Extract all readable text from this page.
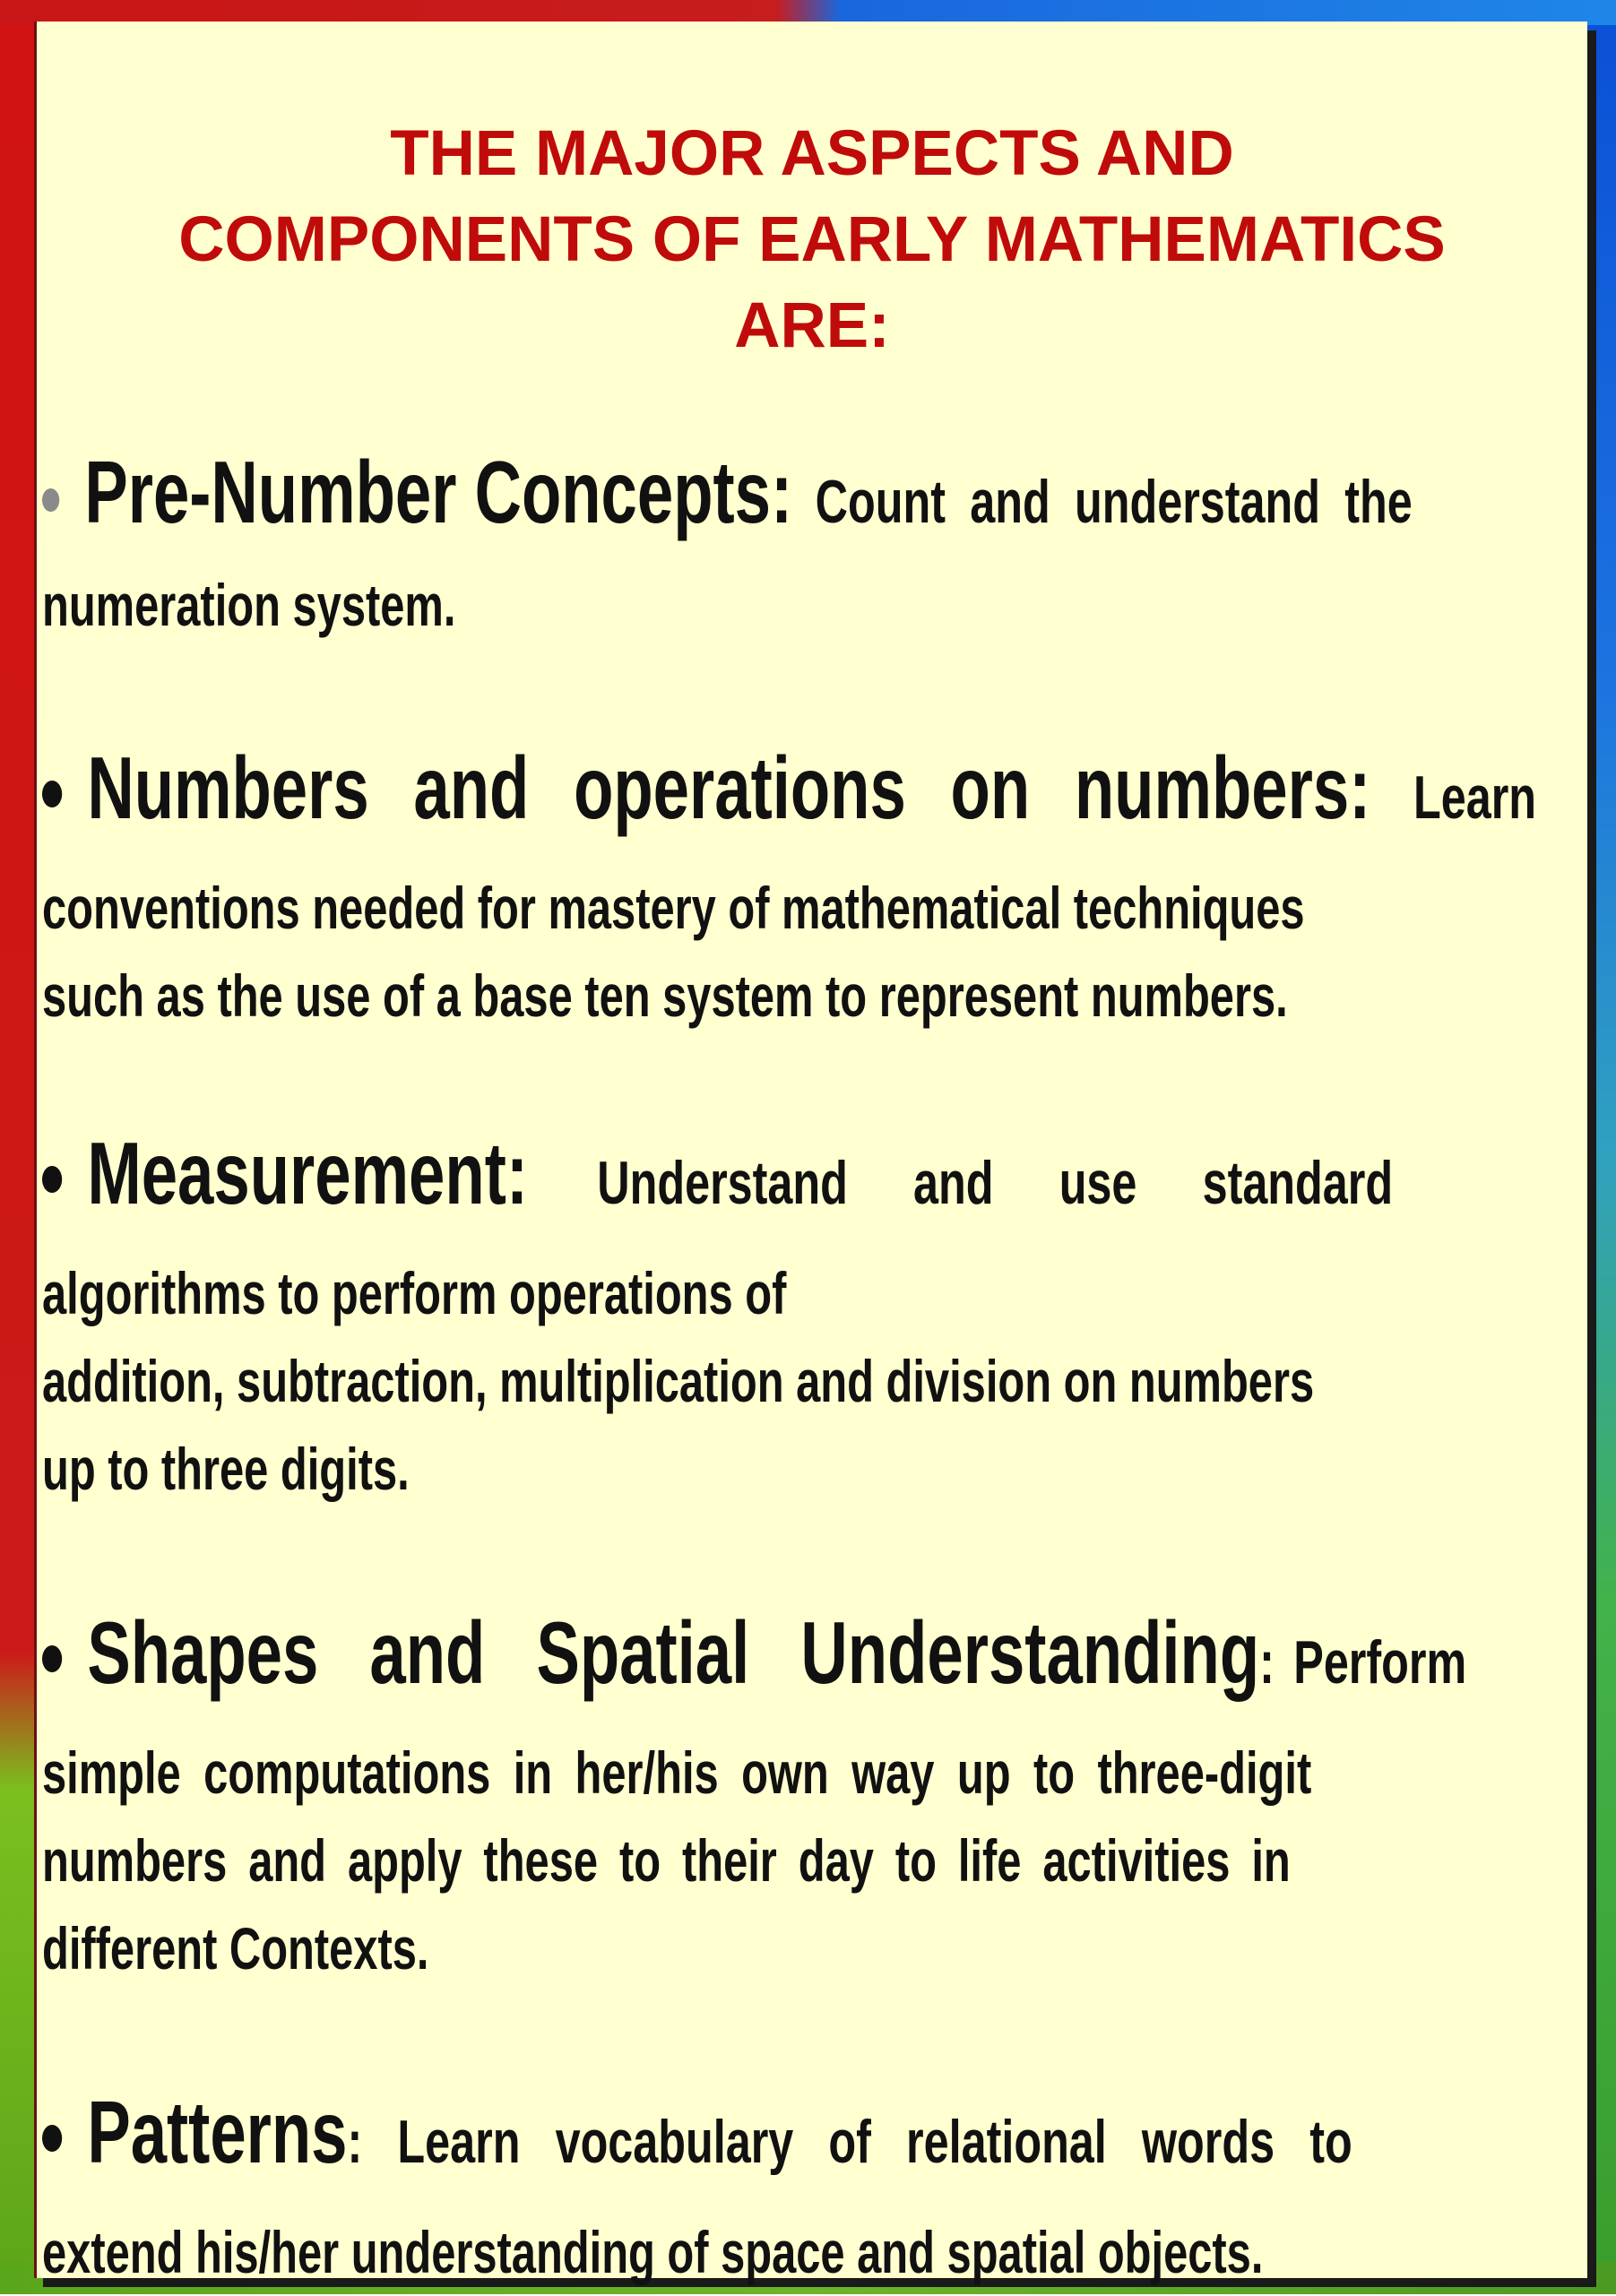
THE MAJOR ASPECTS AND
COMPONENTS OF EARLY MATHEMATICS
ARE:
Pre-Number Concepts: Count and understand the
numeration system.
Numbers and operations on numbers: Learn
conventions needed for mastery of mathematical techniques
such as the use of a base ten system to represent numbers.
Measurement: Understand and use standard
algorithms to perform operations of
addition, subtraction, multiplication and division on numbers
up to three digits.
Shapes and Spatial Understanding: Perform
simple computations in her/his own way up to three-digit
numbers and apply these to their day to life activities in
different Contexts.
Patterns: Learn vocabulary of relational words to
extend his/her understanding of space and spatial objects.
